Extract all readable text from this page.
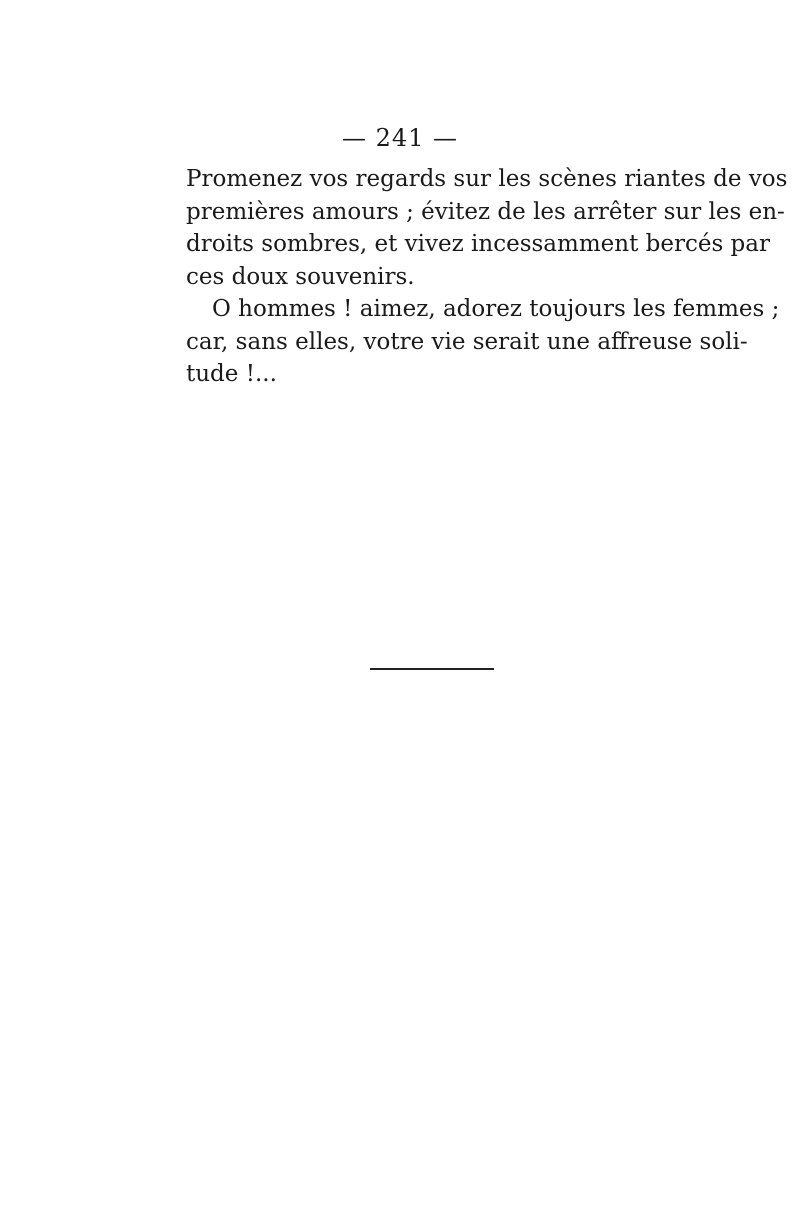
— 241 —

Promenez vos regards sur les scènes riantes de vos
premières amours ; évitez de les arrêter sur les en-
droits sombres, et vivez incessamment bercés par
ces doux souvenirs.

O hommes ! aimez, adorez toujours les femmes ;
car, sans elles, votre vie serait une affreuse soli-
tude !...
